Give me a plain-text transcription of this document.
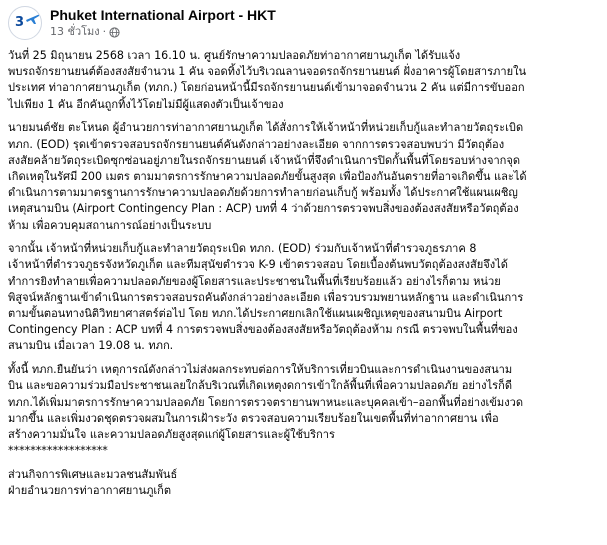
3 Phuket International Airport - HKT
13 ชั่วโมง ·

วันที่ 25 มิถุนายน 2568 เวลา 16.10 น. ศูนย์รักษาความปลอดภัยท่าอากาศยานภูเก็ต ได้รับแจ้ง
พบรถจักรยานยนต์ต้องสงสัยจำนวน 1 คัน จอดทิ้งไว้บริเวณลานจอดรถจักรยานยนต์ ฝั่งอาคารผู้โดยสารภายใน
ประเทศ ท่าอากาศยานภูเก็ต (ทภก.) โดยก่อนหน้านี้มีรถจักรยานยนต์เข้ามาจอดจำนวน 2 คัน แต่มีการขับออก
ไปเพียง 1 คัน อีกคันถูกทิ้งไว้โดยไม่มีผู้แสดงตัวเป็นเจ้าของ

นายมนต์ชัย ตะโหนด ผู้อำนวยการท่าอากาศยานภูเก็ต ได้สั่งการให้เจ้าหน้าที่หน่วยเก็บกู้และทำลายวัตถุระเบิด
ทภก. (EOD) รุดเข้าตรวจสอบรถจักรยานยนต์คันดังกล่าวอย่างละเอียด จากการตรวจสอบพบว่า มีวัตถุต้อง
สงสัยคล้ายวัตถุระเบิดซุกซ่อนอยู่ภายในรถจักรยานยนต์ เจ้าหน้าที่จึงดำเนินการปิดกั้นพื้นที่โดยรอบห่างจากจุด
เกิดเหตุในรัศมี 200 เมตร ตามมาตรการรักษาความปลอดภัยขั้นสูงสุด เพื่อป้องกันอันตรายที่อาจเกิดขึ้น และได้
ดำเนินการตามมาตรฐานการรักษาความปลอดภัยด้วยการทำลายก่อนเก็บกู้ พร้อมทั้ง ได้ประกาศใช้แผนเผชิญ
เหตุสนามบิน (Airport Contingency Plan : ACP) บทที่ 4 ว่าด้วยการตรวจพบสิ่งของต้องสงสัยหรือวัตถุต้อง
ห้าม เพื่อควบคุมสถานการณ์อย่างเป็นระบบ

จากนั้น เจ้าหน้าที่หน่วยเก็บกู้และทำลายวัตถุระเบิด ทภก. (EOD) ร่วมกับเจ้าหน้าที่ตำรวจภูธรภาค 8
เจ้าหน้าที่ตำรวจภูธรจังหวัดภูเก็ต และทีมสุนัขตำรวจ K-9 เข้าตรวจสอบ โดยเบื้องต้นพบวัตถุต้องสงสัยจึงได้
ทำการยิงทำลายเพื่อความปลอดภัยของผู้โดยสารและประชาชนในพื้นที่เรียบร้อยแล้ว อย่างไรก็ตาม หน่วย
พิสูจน์หลักฐานเข้าดำเนินการตรวจสอบรถคันดังกล่าวอย่างละเอียด เพื่อรวบรวมพยานหลักฐาน และดำเนินการ
ตามขั้นตอนทางนิติวิทยาศาสตร์ต่อไป โดย ทภก.ได้ประกาศยกเลิกใช้แผนเผชิญเหตุของสนามบิน Airport
Contingency Plan : ACP บทที่ 4 การตรวจพบสิ่งของต้องสงสัยหรือวัตถุต้องห้าม กรณี ตรวจพบในพื้นที่ของ
สนามบิน เมื่อเวลา 19.08 น. ทภก.

ทั้งนี้ ทภก.ยืนยันว่า เหตุการณ์ดังกล่าวไม่ส่งผลกระทบต่อการให้บริการเที่ยวบินและการดำเนินงานของสนาม
บิน และขอความร่วมมือประชาชนเลยใกล้บริเวณที่เกิดเหตุงดการเข้าใกล้พื้นที่เพื่อความปลอดภัย อย่างไรก็ดี
ทภก.ได้เพิ่มมาตรการรักษาความปลอดภัย โดยการตรวจตรายานพาหนะและบุคคลเข้า–ออกพื้นที่อย่างเข้มงวด
มากขึ้น และเพิ่มงวดชุดตรวจผสมในการเฝ้าระวัง ตรวจสอบความเรียบร้อยในเขตพื้นที่ท่าอากาศยาน เพื่อ
สร้างความมั่นใจ และความปลอดภัยสูงสุดแก่ผู้โดยสารและผู้ใช้บริการ
******************

ส่วนกิจการพิเศษและมวลชนสัมพันธ์
ฝ่ายอำนวยการท่าอากาศยานภูเก็ต
